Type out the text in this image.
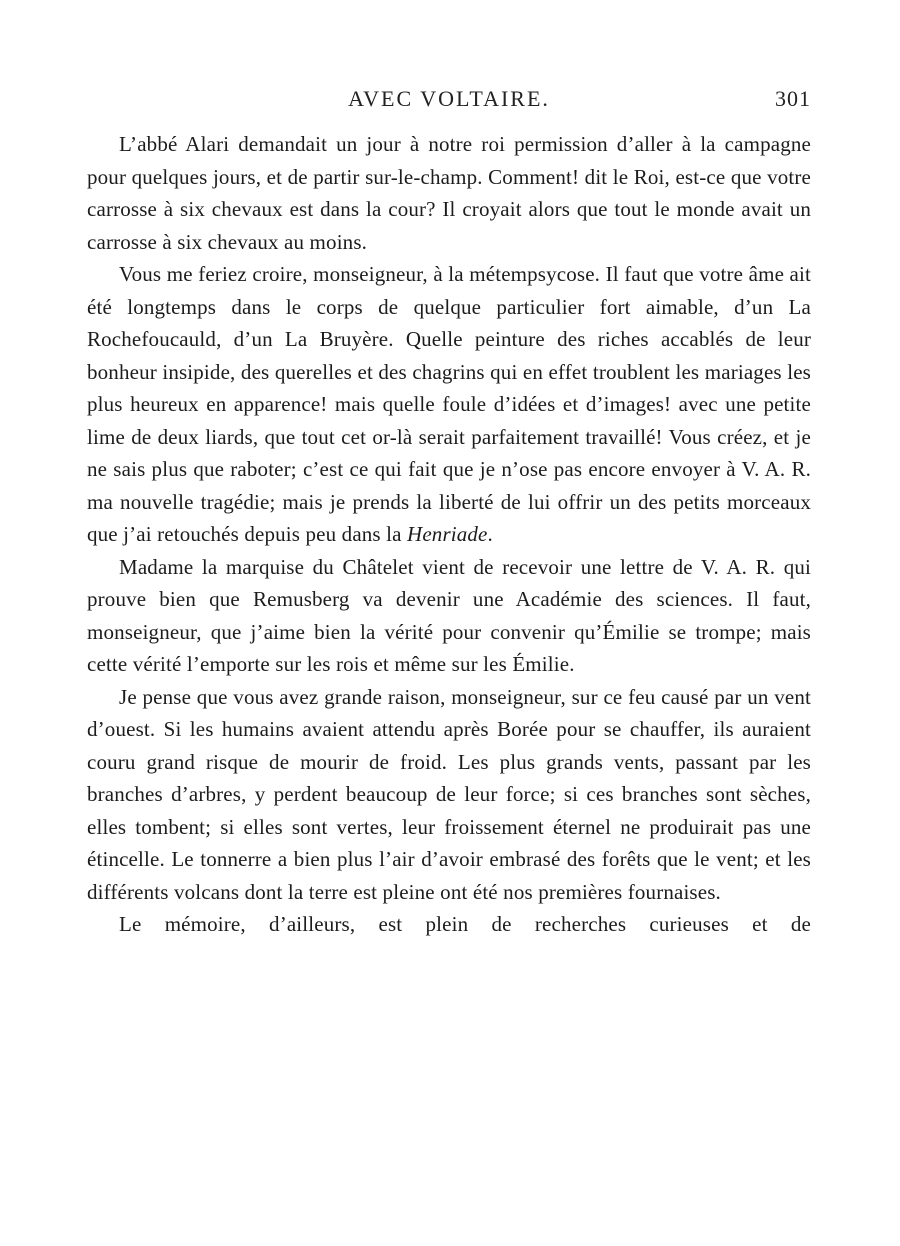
AVEC VOLTAIRE.	301

L’abbé Alari demandait un jour à notre roi permission d’aller à la campagne pour quelques jours, et de partir sur-le-champ. Comment! dit le Roi, est-ce que votre carrosse à six chevaux est dans la cour? Il croyait alors que tout le monde avait un carrosse à six chevaux au moins.

Vous me feriez croire, monseigneur, à la métempsycose. Il faut que votre âme ait été longtemps dans le corps de quelque particulier fort aimable, d’un La Rochefoucauld, d’un La Bruyère. Quelle peinture des riches accablés de leur bonheur insipide, des querelles et des chagrins qui en effet troublent les mariages les plus heureux en apparence! mais quelle foule d’idées et d’images! avec une petite lime de deux liards, que tout cet or-là serait parfaitement travaillé! Vous créez, et je ne sais plus que raboter; c’est ce qui fait que je n’ose pas encore envoyer à V. A. R. ma nouvelle tragédie; mais je prends la liberté de lui offrir un des petits morceaux que j’ai retouchés depuis peu dans la Henriade.

Madame la marquise du Châtelet vient de recevoir une lettre de V. A. R. qui prouve bien que Remusberg va devenir une Académie des sciences. Il faut, monseigneur, que j’aime bien la vérité pour convenir qu’Émilie se trompe; mais cette vérité l’emporte sur les rois et même sur les Émilie.

Je pense que vous avez grande raison, monseigneur, sur ce feu causé par un vent d’ouest. Si les humains avaient attendu après Borée pour se chauffer, ils auraient couru grand risque de mourir de froid. Les plus grands vents, passant par les branches d’arbres, y perdent beaucoup de leur force; si ces branches sont sèches, elles tombent; si elles sont vertes, leur froissement éternel ne produirait pas une étincelle. Le tonnerre a bien plus l’air d’avoir embrasé des forêts que le vent; et les différents volcans dont la terre est pleine ont été nos premières fournaises.

Le mémoire, d’ailleurs, est plein de recherches curieuses et de
